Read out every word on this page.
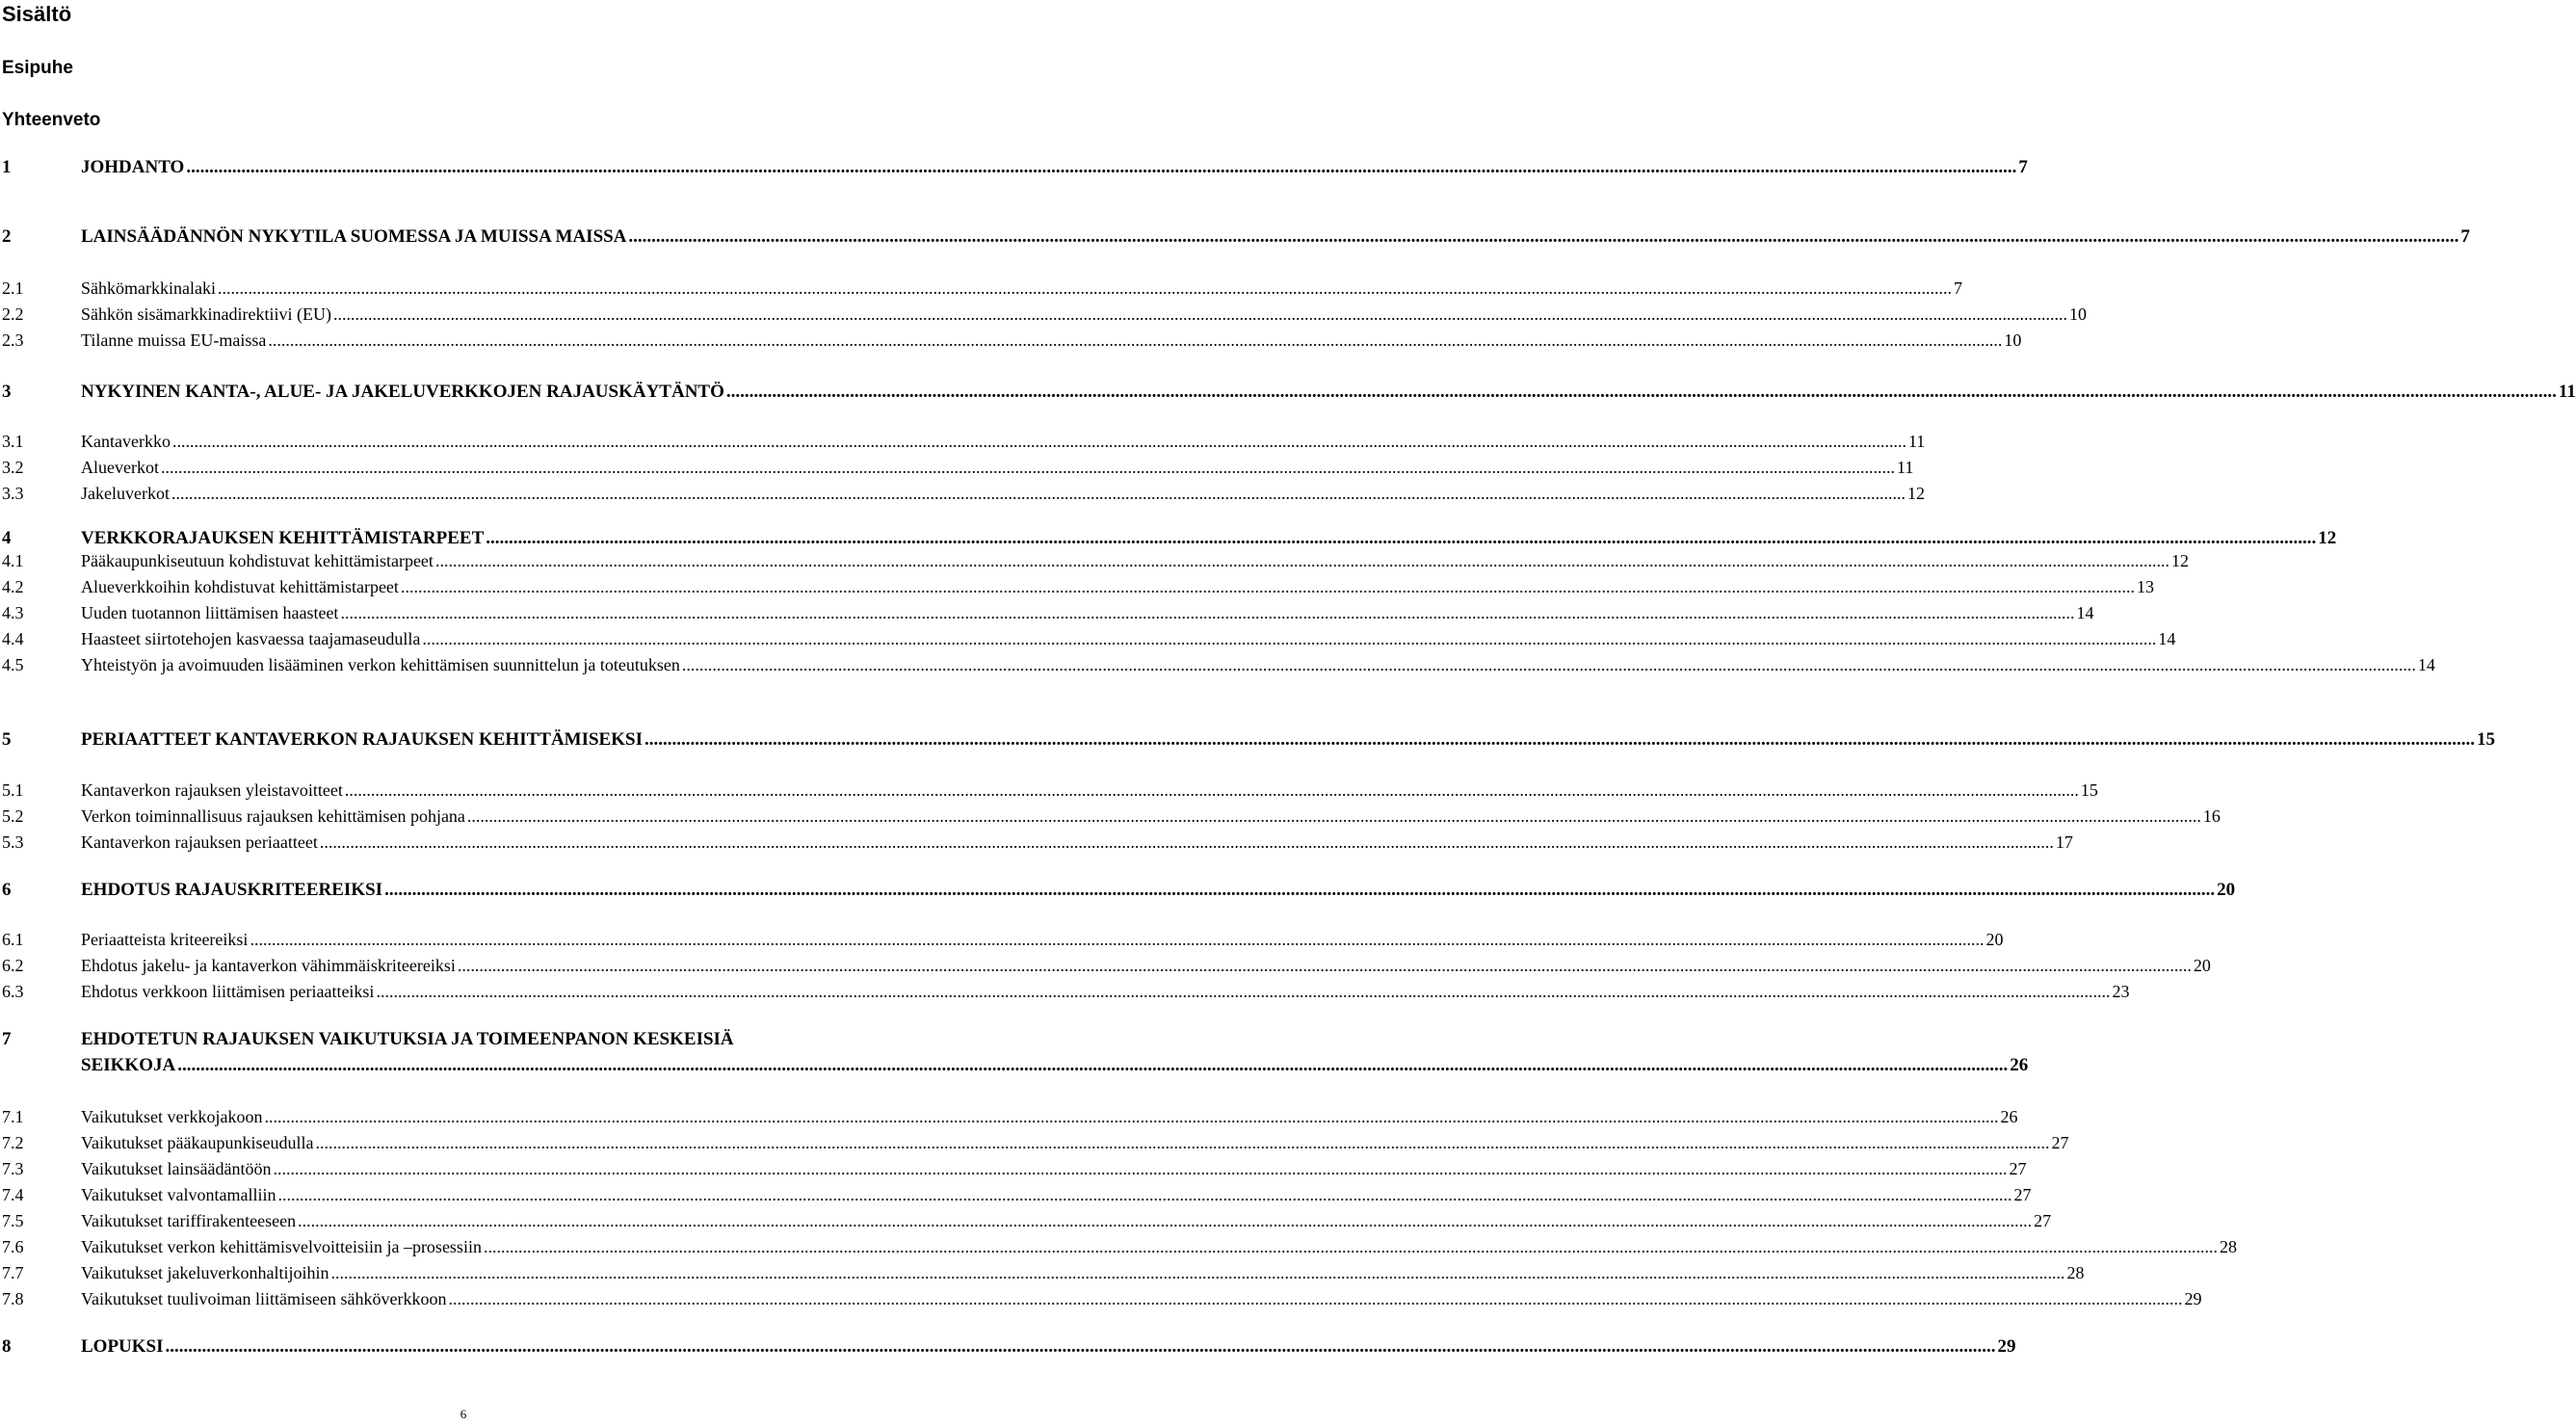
Sisältö
Esipuhe
Yhteenveto
1	JOHDANTO ................................................................................................................................................................................................................................................................................................................................................................................................................ 7
2	LAINSÄÄDÄNNÖN NYKYTILA SUOMESSA JA MUISSA MAISSA ................................................................................................................................................................................................................................................................................................................................................................................................................ 7
2.1	Sähkömarkkinalaki ................................................................................................................................................................................................................................................................................................................................................................................................................ 7
2.2	Sähkön sisämarkkinadirektiivi (EU) ................................................................................................................................................................................................................................................................................................................................................................................................................ 10
2.3	Tilanne muissa EU-maissa ................................................................................................................................................................................................................................................................................................................................................................................................................ 10
3	NYKYINEN KANTA-, ALUE- JA JAKELUVERKKOJEN RAJAUSKÄYTÄNTÖ ................................................................................................................................................................................................................................................................................................................................................................................................................ 11
3.1	Kantaverkko ................................................................................................................................................................................................................................................................................................................................................................................................................ 11
3.2	Alueverkot ................................................................................................................................................................................................................................................................................................................................................................................................................ 11
3.3	Jakeluverkot ................................................................................................................................................................................................................................................................................................................................................................................................................ 12
4	VERKKORAJAUKSEN KEHITTÄMISTARPEET ................................................................................................................................................................................................................................................................................................................................................................................................................ 12
4.1	Pääkaupunkiseutuun kohdistuvat kehittämistarpeet ................................................................................................................................................................................................................................................................................................................................................................................................................ 12
4.2	Alueverkkoihin kohdistuvat kehittämistarpeet ................................................................................................................................................................................................................................................................................................................................................................................................................ 13
4.3	Uuden tuotannon liittämisen haasteet ................................................................................................................................................................................................................................................................................................................................................................................................................ 14
4.4	Haasteet siirtotehojen kasvaessa taajamaseudulla ................................................................................................................................................................................................................................................................................................................................................................................................................ 14
4.5	Yhteistyön ja avoimuuden lisääminen verkon kehittämisen suunnittelun ja toteutuksen ................................................................................................................................................................................................................................................................................................................................................................................................................ 14
5	PERIAATTEET KANTAVERKON RAJAUKSEN KEHITTÄMISEKSI ................................................................................................................................................................................................................................................................................................................................................................................................................ 15
5.1	Kantaverkon rajauksen yleistavoitteet ................................................................................................................................................................................................................................................................................................................................................................................................................ 15
5.2	Verkon toiminnallisuus rajauksen kehittämisen pohjana ................................................................................................................................................................................................................................................................................................................................................................................................................ 16
5.3	Kantaverkon rajauksen periaatteet ................................................................................................................................................................................................................................................................................................................................................................................................................ 17
6	EHDOTUS RAJAUSKRITEEREIKSI ................................................................................................................................................................................................................................................................................................................................................................................................................ 20
6.1	Periaatteista kriteereiksi ................................................................................................................................................................................................................................................................................................................................................................................................................ 20
6.2	Ehdotus jakelu- ja kantaverkon vähimmäiskriteereiksi ................................................................................................................................................................................................................................................................................................................................................................................................................ 20
6.3	Ehdotus verkkoon liittämisen periaatteiksi ................................................................................................................................................................................................................................................................................................................................................................................................................ 23
7	EHDOTETUN RAJAUKSEN VAIKUTUKSIA JA TOIMEENPANON KESKEISIÄ
SEIKKOJA ................................................................................................................................................................................................................................................................................................................................................................................................................ 26
7.1	Vaikutukset verkkojakoon ................................................................................................................................................................................................................................................................................................................................................................................................................ 26
7.2	Vaikutukset pääkaupunkiseudulla ................................................................................................................................................................................................................................................................................................................................................................................................................ 27
7.3	Vaikutukset lainsäädäntöön ................................................................................................................................................................................................................................................................................................................................................................................................................ 27
7.4	Vaikutukset valvontamalliin ................................................................................................................................................................................................................................................................................................................................................................................................................ 27
7.5	Vaikutukset tariffirakenteeseen ................................................................................................................................................................................................................................................................................................................................................................................................................ 27
7.6	Vaikutukset verkon kehittämisvelvoitteisiin ja –prosessiin ................................................................................................................................................................................................................................................................................................................................................................................................................ 28
7.7	Vaikutukset jakeluverkonhaltijoihin ................................................................................................................................................................................................................................................................................................................................................................................................................ 28
7.8	Vaikutukset tuulivoiman liittämiseen sähköverkkoon ................................................................................................................................................................................................................................................................................................................................................................................................................ 29
8	LOPUKSI ................................................................................................................................................................................................................................................................................................................................................................................................................ 29
6
